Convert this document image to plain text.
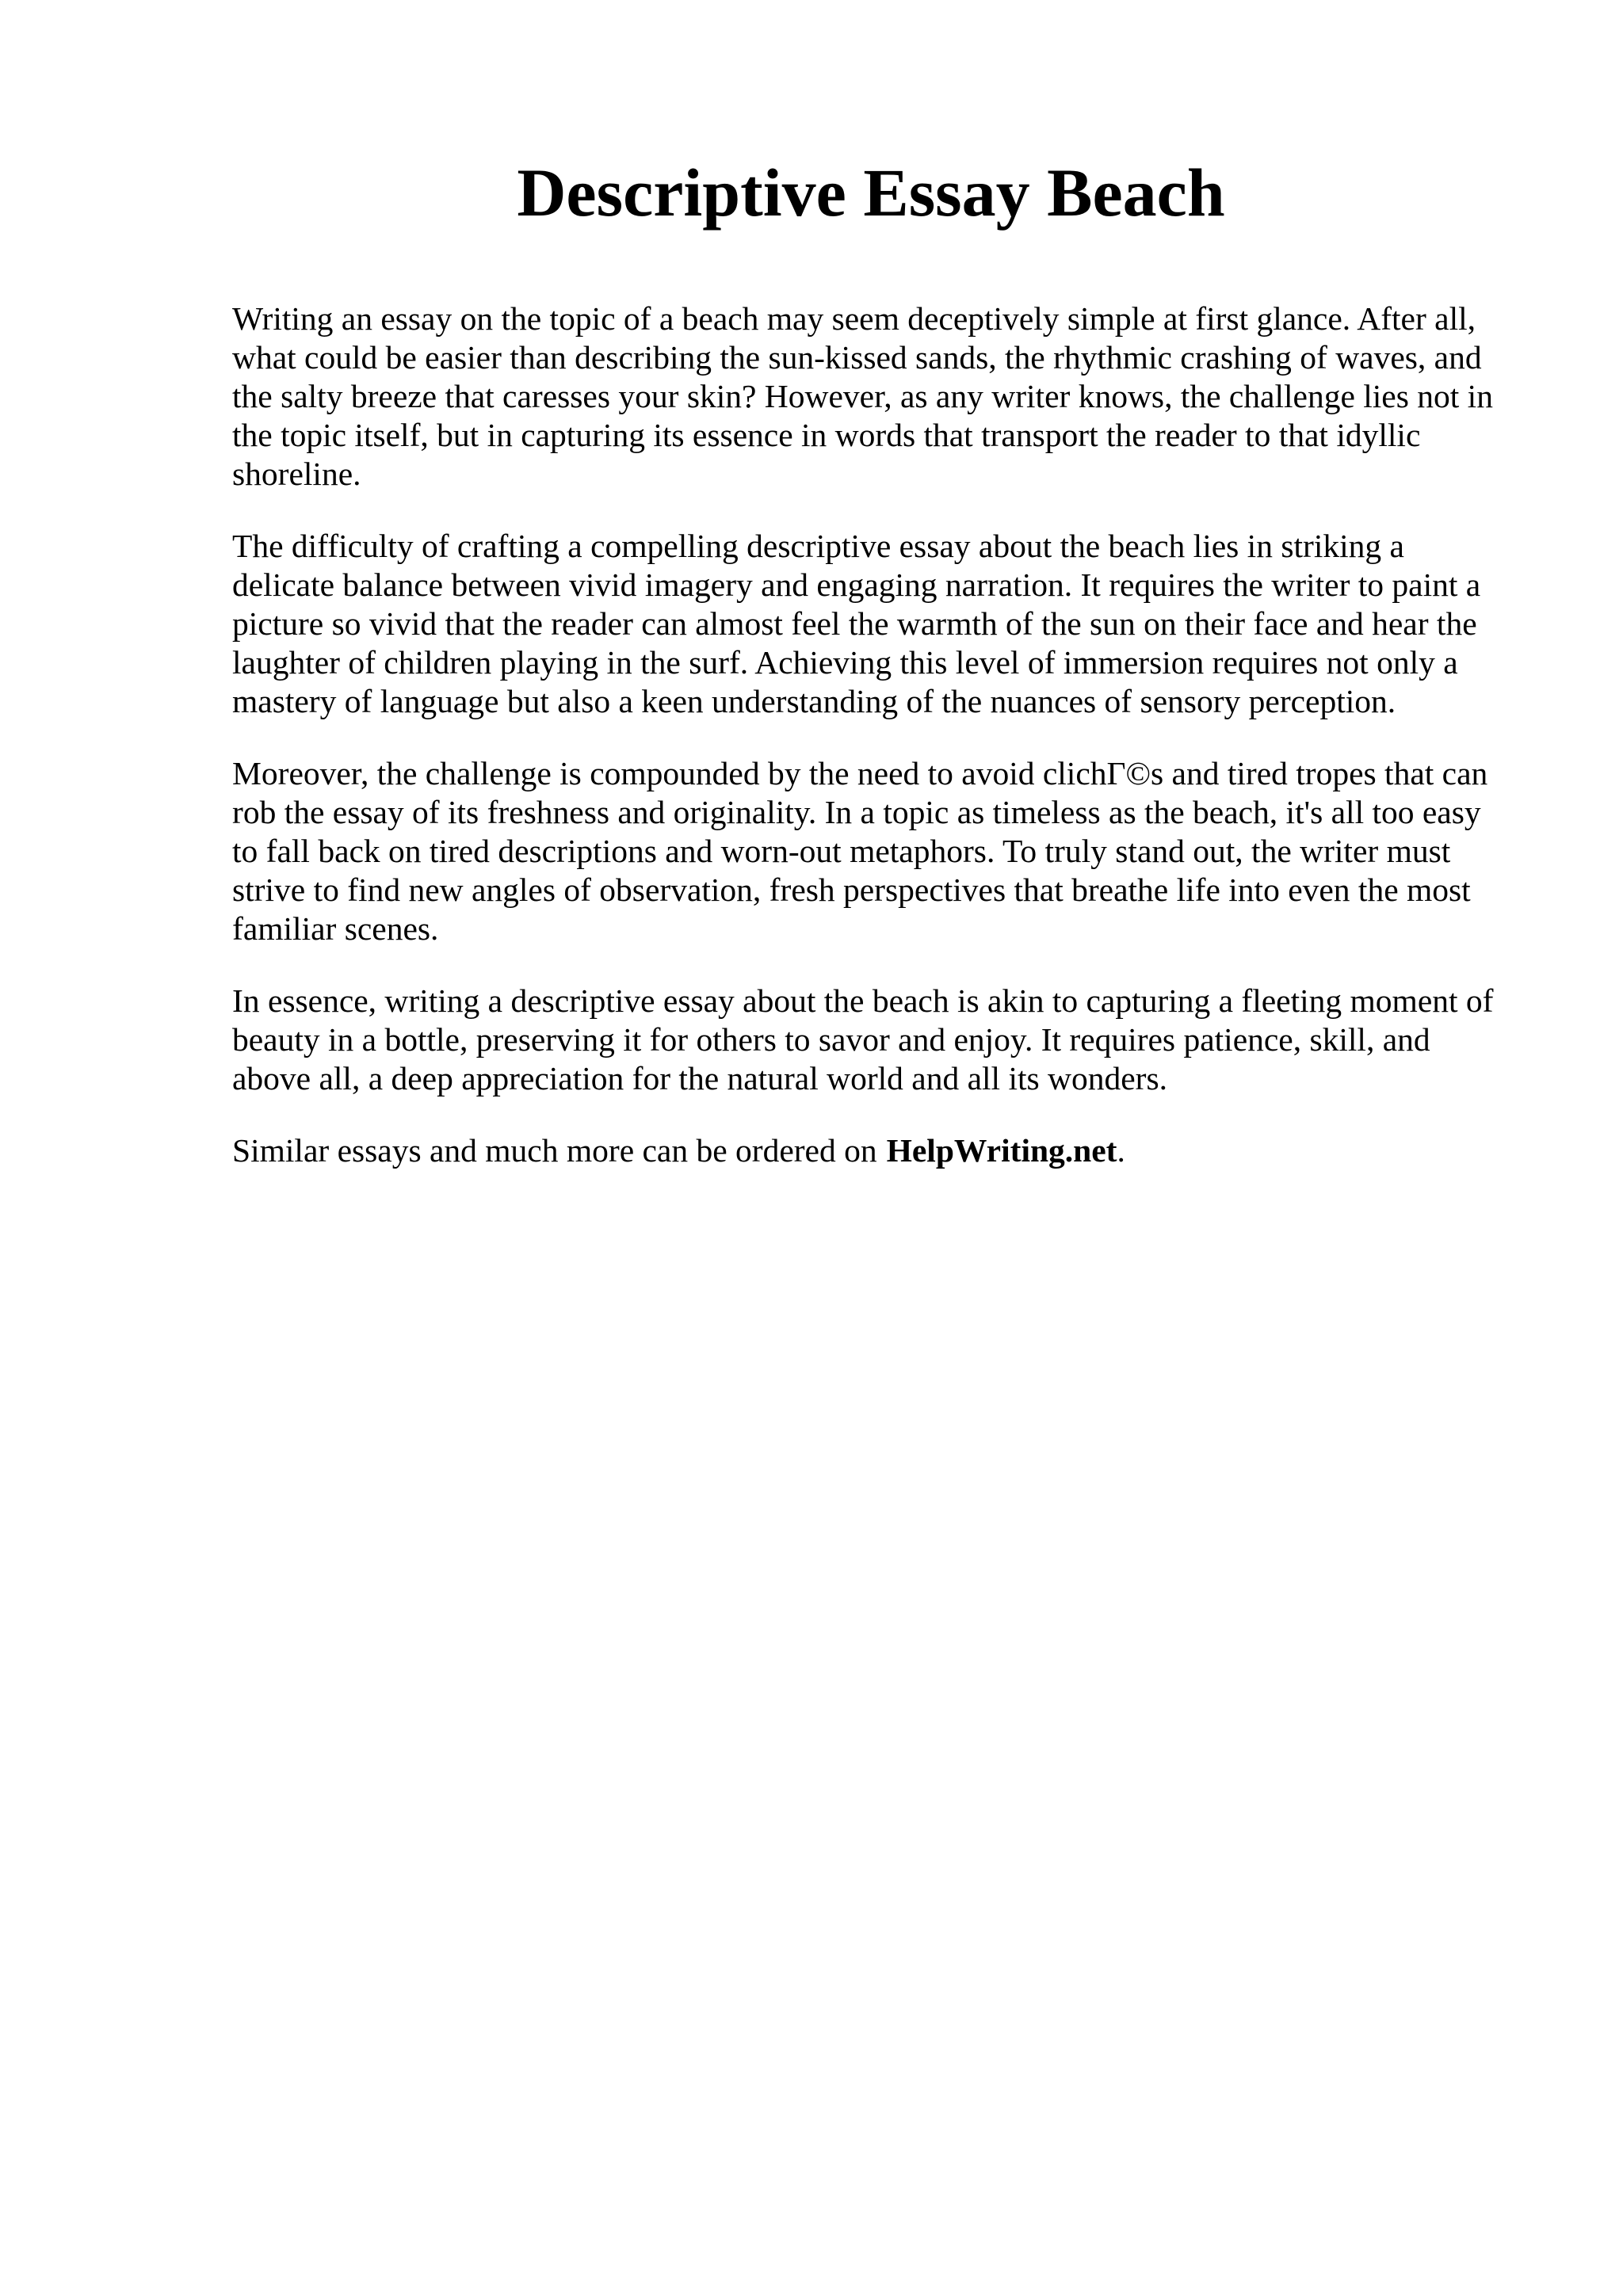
Descriptive Essay Beach

Writing an essay on the topic of a beach may seem deceptively simple at first glance. After all, what could be easier than describing the sun-kissed sands, the rhythmic crashing of waves, and the salty breeze that caresses your skin? However, as any writer knows, the challenge lies not in the topic itself, but in capturing its essence in words that transport the reader to that idyllic shoreline.

The difficulty of crafting a compelling descriptive essay about the beach lies in striking a delicate balance between vivid imagery and engaging narration. It requires the writer to paint a picture so vivid that the reader can almost feel the warmth of the sun on their face and hear the laughter of children playing in the surf. Achieving this level of immersion requires not only a mastery of language but also a keen understanding of the nuances of sensory perception.

Moreover, the challenge is compounded by the need to avoid clichГ©s and tired tropes that can rob the essay of its freshness and originality. In a topic as timeless as the beach, it's all too easy to fall back on tired descriptions and worn-out metaphors. To truly stand out, the writer must strive to find new angles of observation, fresh perspectives that breathe life into even the most familiar scenes.

In essence, writing a descriptive essay about the beach is akin to capturing a fleeting moment of beauty in a bottle, preserving it for others to savor and enjoy. It requires patience, skill, and above all, a deep appreciation for the natural world and all its wonders.

Similar essays and much more can be ordered on HelpWriting.net.
